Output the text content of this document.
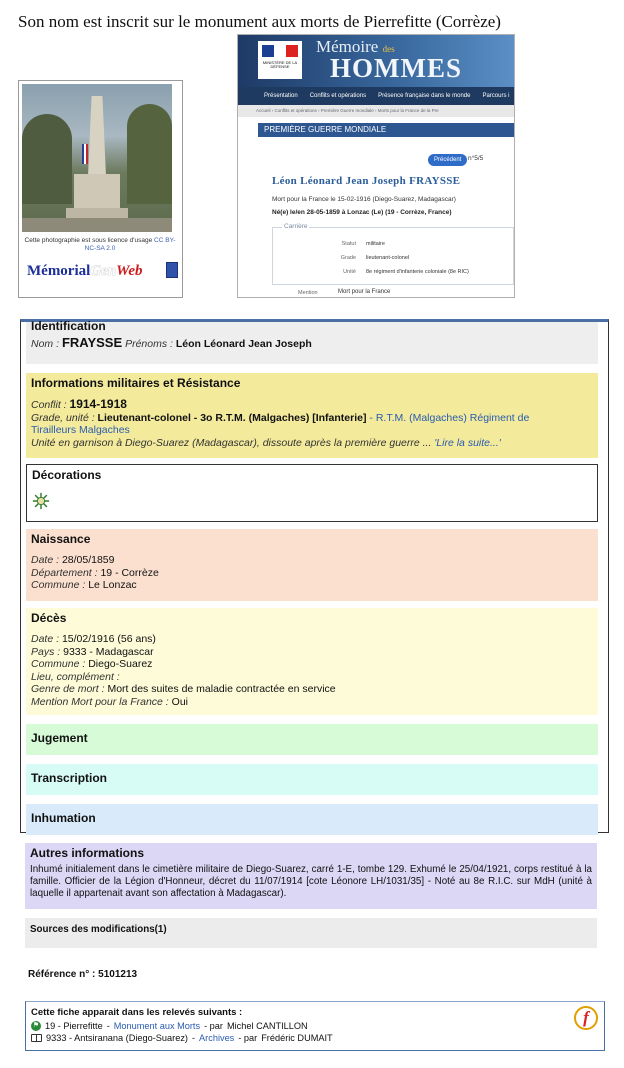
Son nom est inscrit sur le monument aux morts de Pierrefitte (Corrèze)
Cette photographie est sous licence d'usage CC BY-NC-SA 2.0
MémorialGenWeb
MINISTÈRE DE LA DÉFENSE
Mémoire des
HOMMES
Présentation Conflits et opérations Présence française dans le monde Parcours i
Accueil › Conflits et opérations › Première Guerre mondiale › Morts pour la France de la Pre
PREMIÈRE GUERRE MONDIALE
Précédent	n°5/5
Léon Léonard Jean Joseph FRAYSSE
Mort pour la France le 15-02-1916 (Diego-Suarez, Madagascar)
Né(e) le/en 28-05-1859 à Lonzac (Le) (19 - Corrèze, France)
Carrière
Statut militaire
Grade lieutenant-colonel
Unité 8e régiment d'infanterie coloniale (8e RIC)
Mention	Mort pour la France
Identification
Nom : FRAYSSE Prénoms : Léon Léonard Jean Joseph
Informations militaires et Résistance
Conflit : 1914-1918
Grade, unité : Lieutenant-colonel - 3o R.T.M. (Malgaches) [Infanterie] - R.T.M. (Malgaches) Régiment de
Tirailleurs Malgaches
Unité en garnison à Diego-Suarez (Madagascar), dissoute après la première guerre ... 'Lire la suite...'
Décorations
Naissance
Date : 28/05/1859
Département : 19 - Corrèze
Commune : Le Lonzac
Décès
Date : 15/02/1916 (56 ans)
Pays : 9333 - Madagascar
Commune : Diego-Suarez
Lieu, complément :
Genre de mort : Mort des suites de maladie contractée en service
Mention Mort pour la France : Oui
Jugement
Transcription
Inhumation
Autres informations
Inhumé initialement dans le cimetière militaire de Diego-Suarez, carré 1-E, tombe 129. Exhumé le 25/04/1921, corps restitué à la famille. Officier de la Légion d'Honneur, décret du 11/07/1914 [cote Léonore LH/1031/35] - Noté au 8e R.I.C. sur MdH (unité à laquelle il appartenait avant son affectation à Madagascar).
Sources des modifications(1)
Référence n° : 5101213
Cette fiche apparait dans les relevés suivants :
⚑ 19 - Pierrefitte - Monument aux Morts - par Michel CANTILLON
9333 - Antsiranana (Diego-Suarez) - Archives - par Frédéric DUMAIT
f
